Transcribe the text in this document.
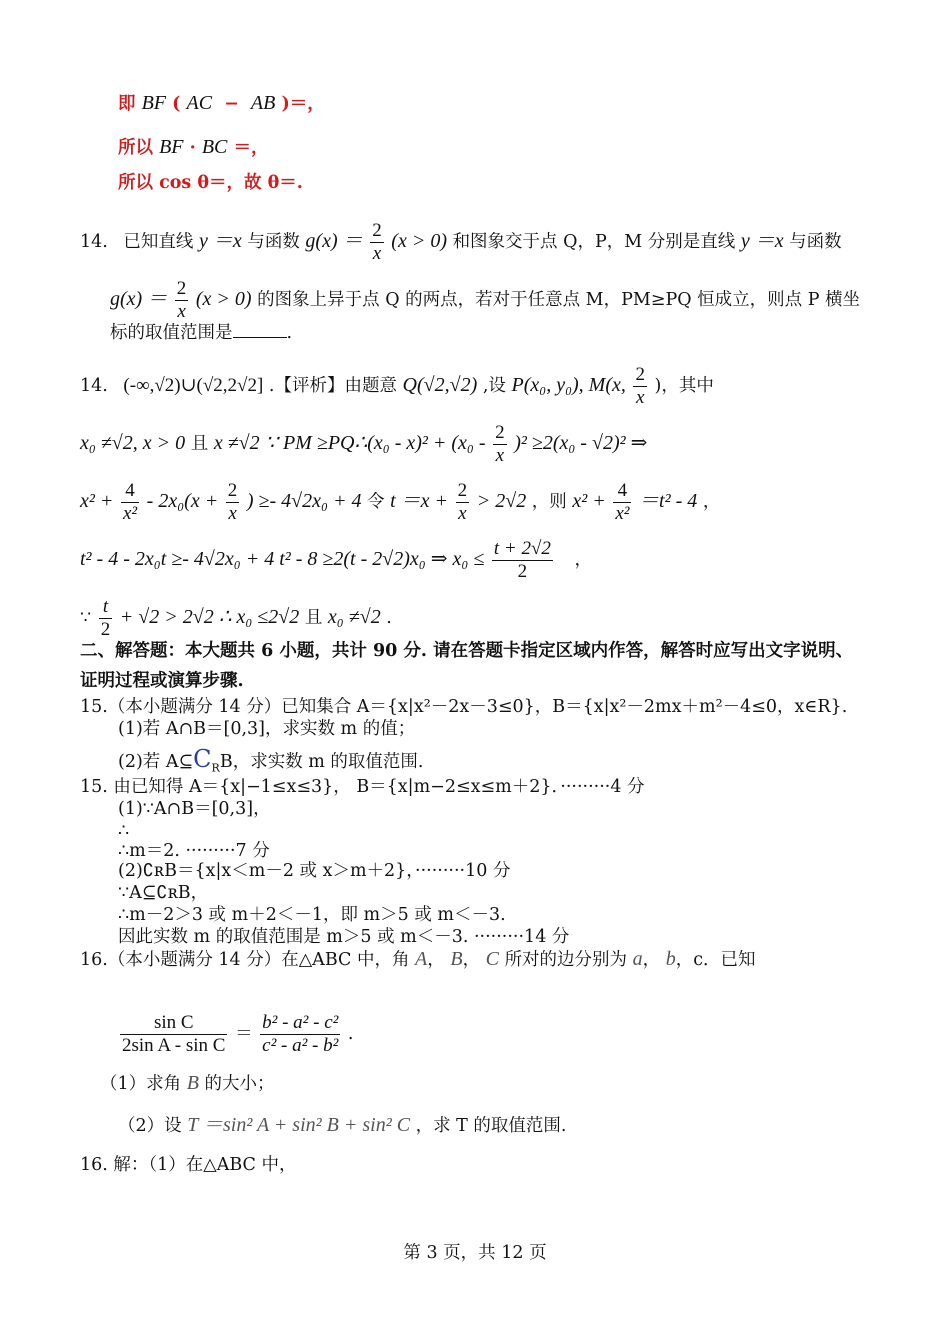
即 BF ( AC − AB )＝，
所以 BF · BC ＝，
所以 cos θ＝，故 θ＝.
14. 已知直线 y ＝x 与函数 $g(x) = \frac{2}{x} (x > 0)$ 和图象交于点 Q，P，M 分别是直线 y ＝x 与函数
$g(x) = \frac{2}{x} (x > 0)$ 的图象上异于点 Q 的两点，若对于任意点 M，PM≥PQ 恒成立，则点 P 横坐
标的取值范围是	.
14. (-∞,√2)∪(√2,2√2] .【评析】由题意 Q(√2,√2) ,设 P(x₀, y₀), M(x, $\frac{2}{x}$ )，其中
x₀ ≠√2, x > 0 且 x ≠√2 ∵ PM ≥PQ∴(x₀ - $x)^2 + (x_0 - \frac{2}{x} )^2 \ge 2(x_0 - √2)^2$ ⇒
$x^2 + \frac{4}{\text{x²}} - 2x_0(x + \frac{2}{x}$ ) ≥- 4√2x₀ + 4 令 $t =x + \frac{2}{x} > 2√2$ ，则 $x^2 + \frac{4}{\text{x²}} =t^2 - 4$ ，
t² - 4 - 2x₀t ≥- 4√2x₀ + 4 t² - 8 ≥2(t - 2√2)x₀ ⇒ $x_0 \le \frac{t + 2√2}{2}$ ，
∵ $\frac{t}{2} + √2 > 2√2$ ∴ x₀ ≤2√2 且 x₀ ≠√2 .
二、解答题：本大题共 6 小题，共计 90 分. 请在答题卡指定区域内作答，解答时应写出文字说明、
证明过程或演算步骤.
15.（本小题满分 14 分）已知集合 A＝{x|x²－2x－3≤0}，B＝{x|x²－2mx＋m²－4≤0，x∈R}.
(1)若 A∩B＝[0,3]，求实数 m 的值；
(2)若 $A⊆C_RB$，求实数 m 的取值范围.
15. 由已知得 A＝{x|−1≤x≤3}， B＝{x|m−2≤x≤m＋2}．·········4 分
(1)∵A∩B＝[0,3]，
∴
∴m＝2. ·········7 分
(2)∁ʀB＝{x|x＜m－2 或 x＞m＋2}，·········10 分
∵A⊆∁ʀB，
∴m－2＞3 或 m＋2＜－1，即 m＞5 或 m＜－3.
因此实数 m 的取值范围是 m＞5 或 m＜－3. ·········14 分
16.（本小题满分 14 分）在△ABC 中，角 A， B， C 所对的边分别为 a， b，c．已知
$\frac{\text{sin C}}{\text{2sin A - sin C}} = \frac{\text{b² - a² - c²}}{\text{c² - a² - b²}}$ .
（1）求角 B 的大小；
（2）设 T ＝sin² A + sin² B + sin² C ，求 T 的取值范围.
16. 解：（1）在△ABC 中，
第 3 页，共 12 页
